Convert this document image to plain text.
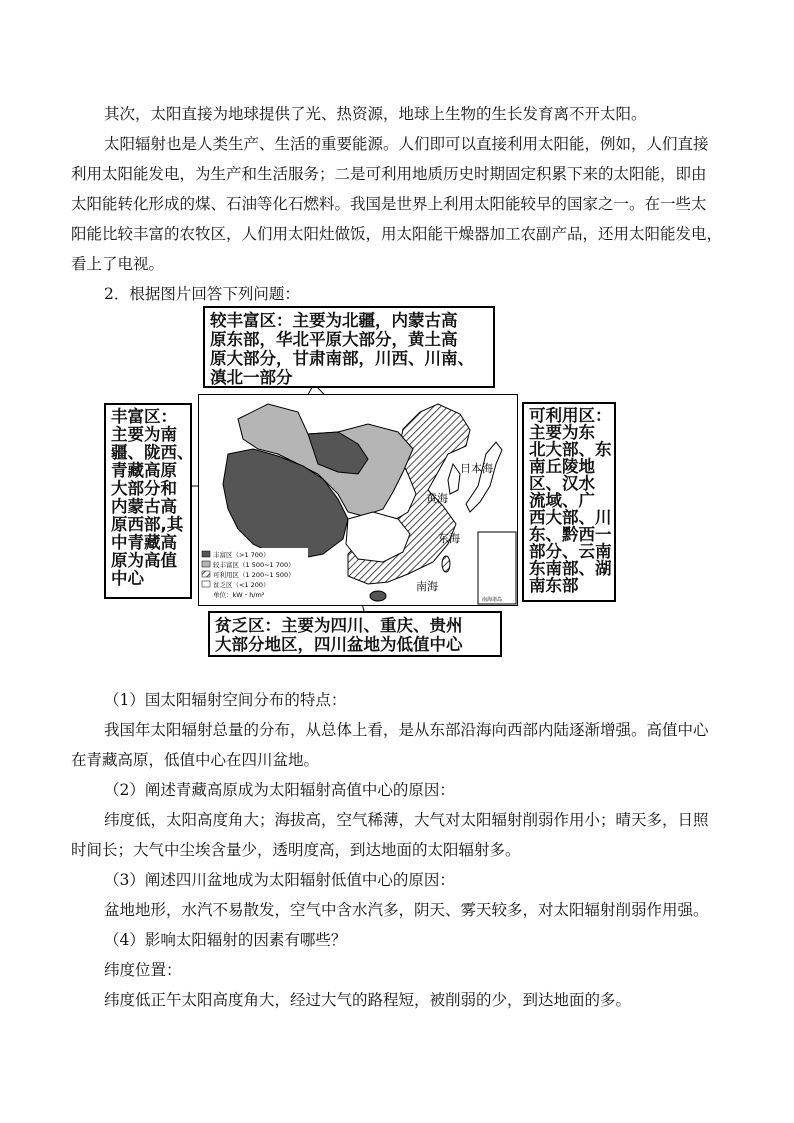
其次，太阳直接为地球提供了光、热资源，地球上生物的生长发育离不开太阳。
太阳辐射也是人类生产、生活的重要能源。人们即可以直接利用太阳能，例如，人们直接
利用太阳能发电，为生产和生活服务；二是可利用地质历史时期固定积累下来的太阳能，即由
太阳能转化形成的煤、石油等化石燃料。我国是世界上利用太阳能较早的国家之一。在一些太
阳能比较丰富的农牧区，人们用太阳灶做饭，用太阳能干燥器加工农副产品，还用太阳能发电，
看上了电视。
2．根据图片回答下列问题：
南海诸岛
日本海
黄海
东海
南海
丰富区（>1 700）
较丰富区（1 500~1 700）
可利用区（1 200~1 500）
贫乏区（<1 200）
单位：kW・h/m²
较丰富区：主要为北疆，内蒙古高
原东部，华北平原大部分，黄土高
原大部分，甘肃南部，川西、川南、
滇北一部分
丰富区：
主要为南
疆、陇西、
青藏高原
大部分和
内蒙古高
原西部,其
中青藏高
原为高值
中心
可利用区：
主要为东
北大部、东
南丘陵地
区、汉水
流域、广
西大部、川
东、黔西一
部分、云南
东南部、湖
南东部
贫乏区：主要为四川、重庆、贵州
大部分地区，四川盆地为低值中心
（1）国太阳辐射空间分布的特点：
我国年太阳辐射总量的分布，从总体上看，是从东部沿海向西部内陆逐渐增强。高值中心
在青藏高原，低值中心在四川盆地。
（2）阐述青藏高原成为太阳辐射高值中心的原因：
纬度低，太阳高度角大；海拔高，空气稀薄，大气对太阳辐射削弱作用小；晴天多，日照
时间长；大气中尘埃含量少，透明度高，到达地面的太阳辐射多。
（3）阐述四川盆地成为太阳辐射低值中心的原因：
盆地地形，水汽不易散发，空气中含水汽多，阴天、雾天较多，对太阳辐射削弱作用强。
（4）影响太阳辐射的因素有哪些？
纬度位置：
纬度低正午太阳高度角大，经过大气的路程短，被削弱的少，到达地面的多。
